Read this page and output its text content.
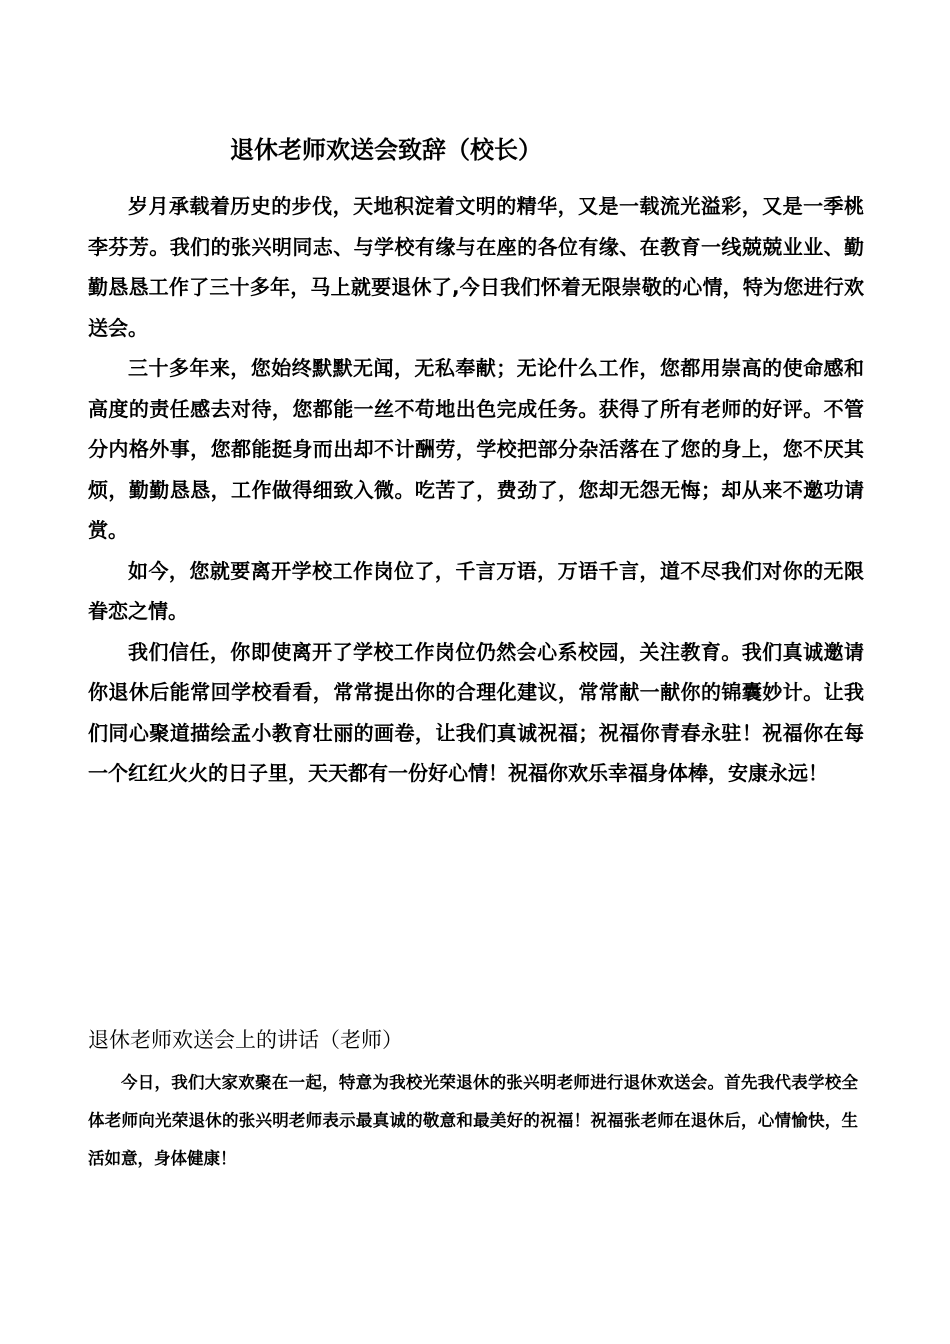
退休老师欢送会致辞（校长）

岁月承载着历史的步伐，天地积淀着文明的精华，又是一载流光溢彩，又是一季桃李芬芳。我们的张兴明同志、与学校有缘与在座的各位有缘、在教育一线兢兢业业、勤勤恳恳工作了三十多年，马上就要退休了,今日我们怀着无限崇敬的心情，特为您进行欢送会。

三十多年来，您始终默默无闻，无私奉献；无论什么工作，您都用崇高的使命感和高度的责任感去对待，您都能一丝不苟地出色完成任务。获得了所有老师的好评。不管分内格外事，您都能挺身而出却不计酬劳，学校把部分杂活落在了您的身上，您不厌其烦，勤勤恳恳，工作做得细致入微。吃苦了，费劲了，您却无怨无悔；却从来不邀功请赏。

如今，您就要离开学校工作岗位了，千言万语，万语千言，道不尽我们对你的无限眷恋之情。

我们信任，你即使离开了学校工作岗位仍然会心系校园，关注教育。我们真诚邀请你退休后能常回学校看看，常常提出你的合理化建议，常常献一献你的锦囊妙计。让我们同心聚道描绘孟小教育壮丽的画卷，让我们真诚祝福；祝福你青春永驻！祝福你在每一个红红火火的日子里，天天都有一份好心情！祝福你欢乐幸福身体棒，安康永远！

退休老师欢送会上的讲话（老师）

今日，我们大家欢聚在一起，特意为我校光荣退休的张兴明老师进行退休欢送会。首先我代表学校全体老师向光荣退休的张兴明老师表示最真诚的敬意和最美好的祝福！祝福张老师在退休后，心情愉快，生活如意，身体健康！
